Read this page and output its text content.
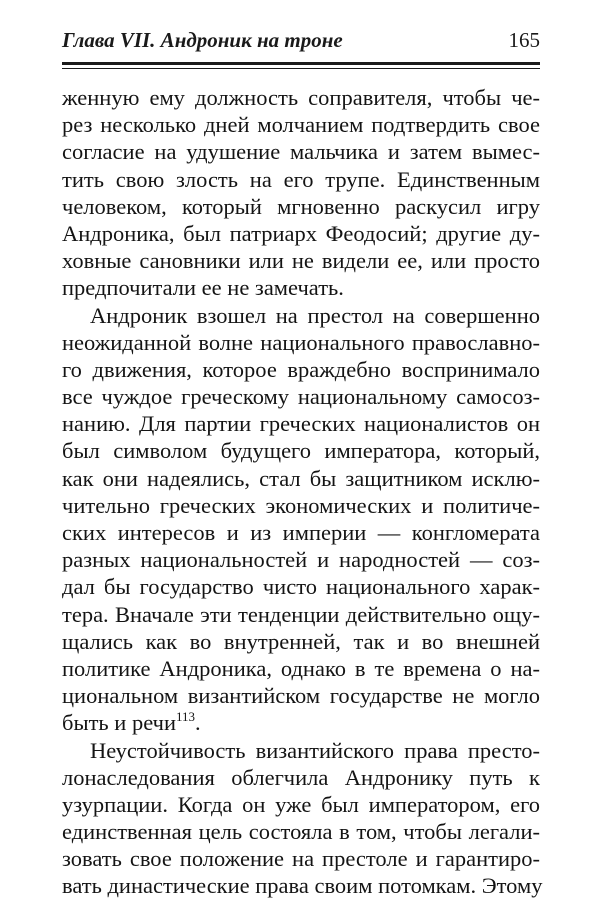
Глава VII. Андроник на троне	165
женную ему должность соправителя, чтобы че-
рез несколько дней молчанием подтвердить свое
согласие на удушение мальчика и затем вымес-
тить свою злость на его трупе. Единственным
человеком, который мгновенно раскусил игру
Андроника, был патриарх Феодосий; другие ду-
ховные сановники или не видели ее, или просто
предпочитали ее не замечать.
Андроник взошел на престол на совершенно
неожиданной волне национального православно-
го движения, которое враждебно воспринимало
все чуждое греческому национальному самосоз-
нанию. Для партии греческих националистов он
был символом будущего императора, который,
как они надеялись, стал бы защитником исклю-
чительно греческих экономических и политиче-
ских интересов и из империи — конгломерата
разных национальностей и народностей — соз-
дал бы государство чисто национального харак-
тера. Вначале эти тенденции действительно ощу-
щались как во внутренней, так и во внешней
политике Андроника, однако в те времена о на-
циональном византийском государстве не могло
быть и речи$^{113}$.
Неустойчивость византийского права престо-
лонаследования облегчила Андронику путь к
узурпации. Когда он уже был императором, его
единственная цель состояла в том, чтобы легали-
зовать свое положение на престоле и гарантиро-
вать династические права своим потомкам. Этому
